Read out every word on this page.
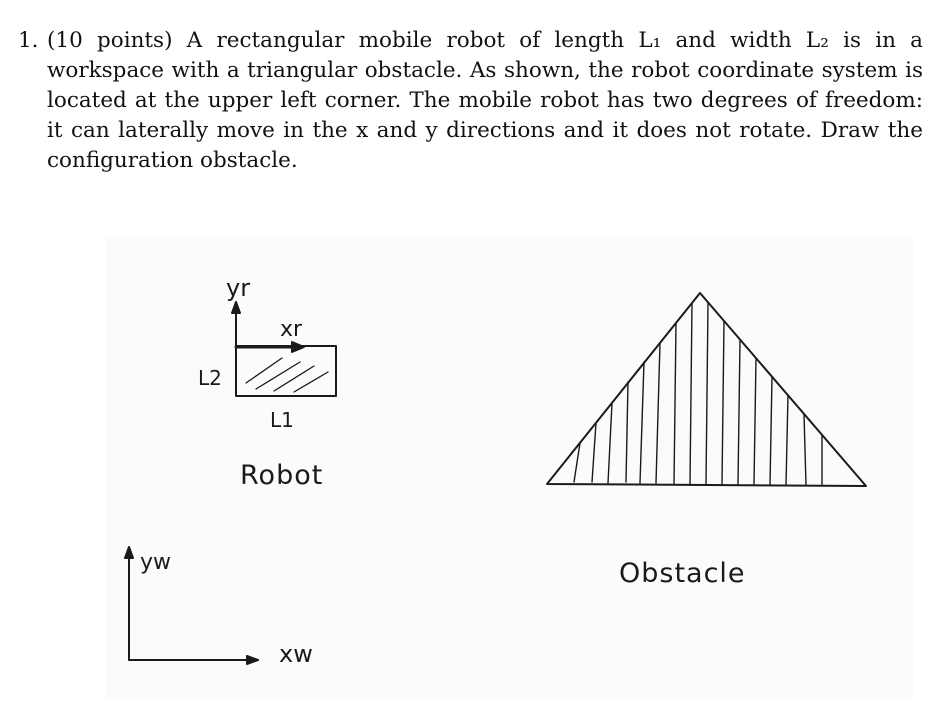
1. (10 points) A rectangular mobile robot of length L₁ and width L₂ is in a workspace with a triangular obstacle. As shown, the robot coordinate system is located at the upper left corner. The mobile robot has two degrees of freedom: it can laterally move in the x and y directions and it does not rotate. Draw the configuration obstacle.
yr
xr
L2
L1
Robot
yw
xw
Obstacle
